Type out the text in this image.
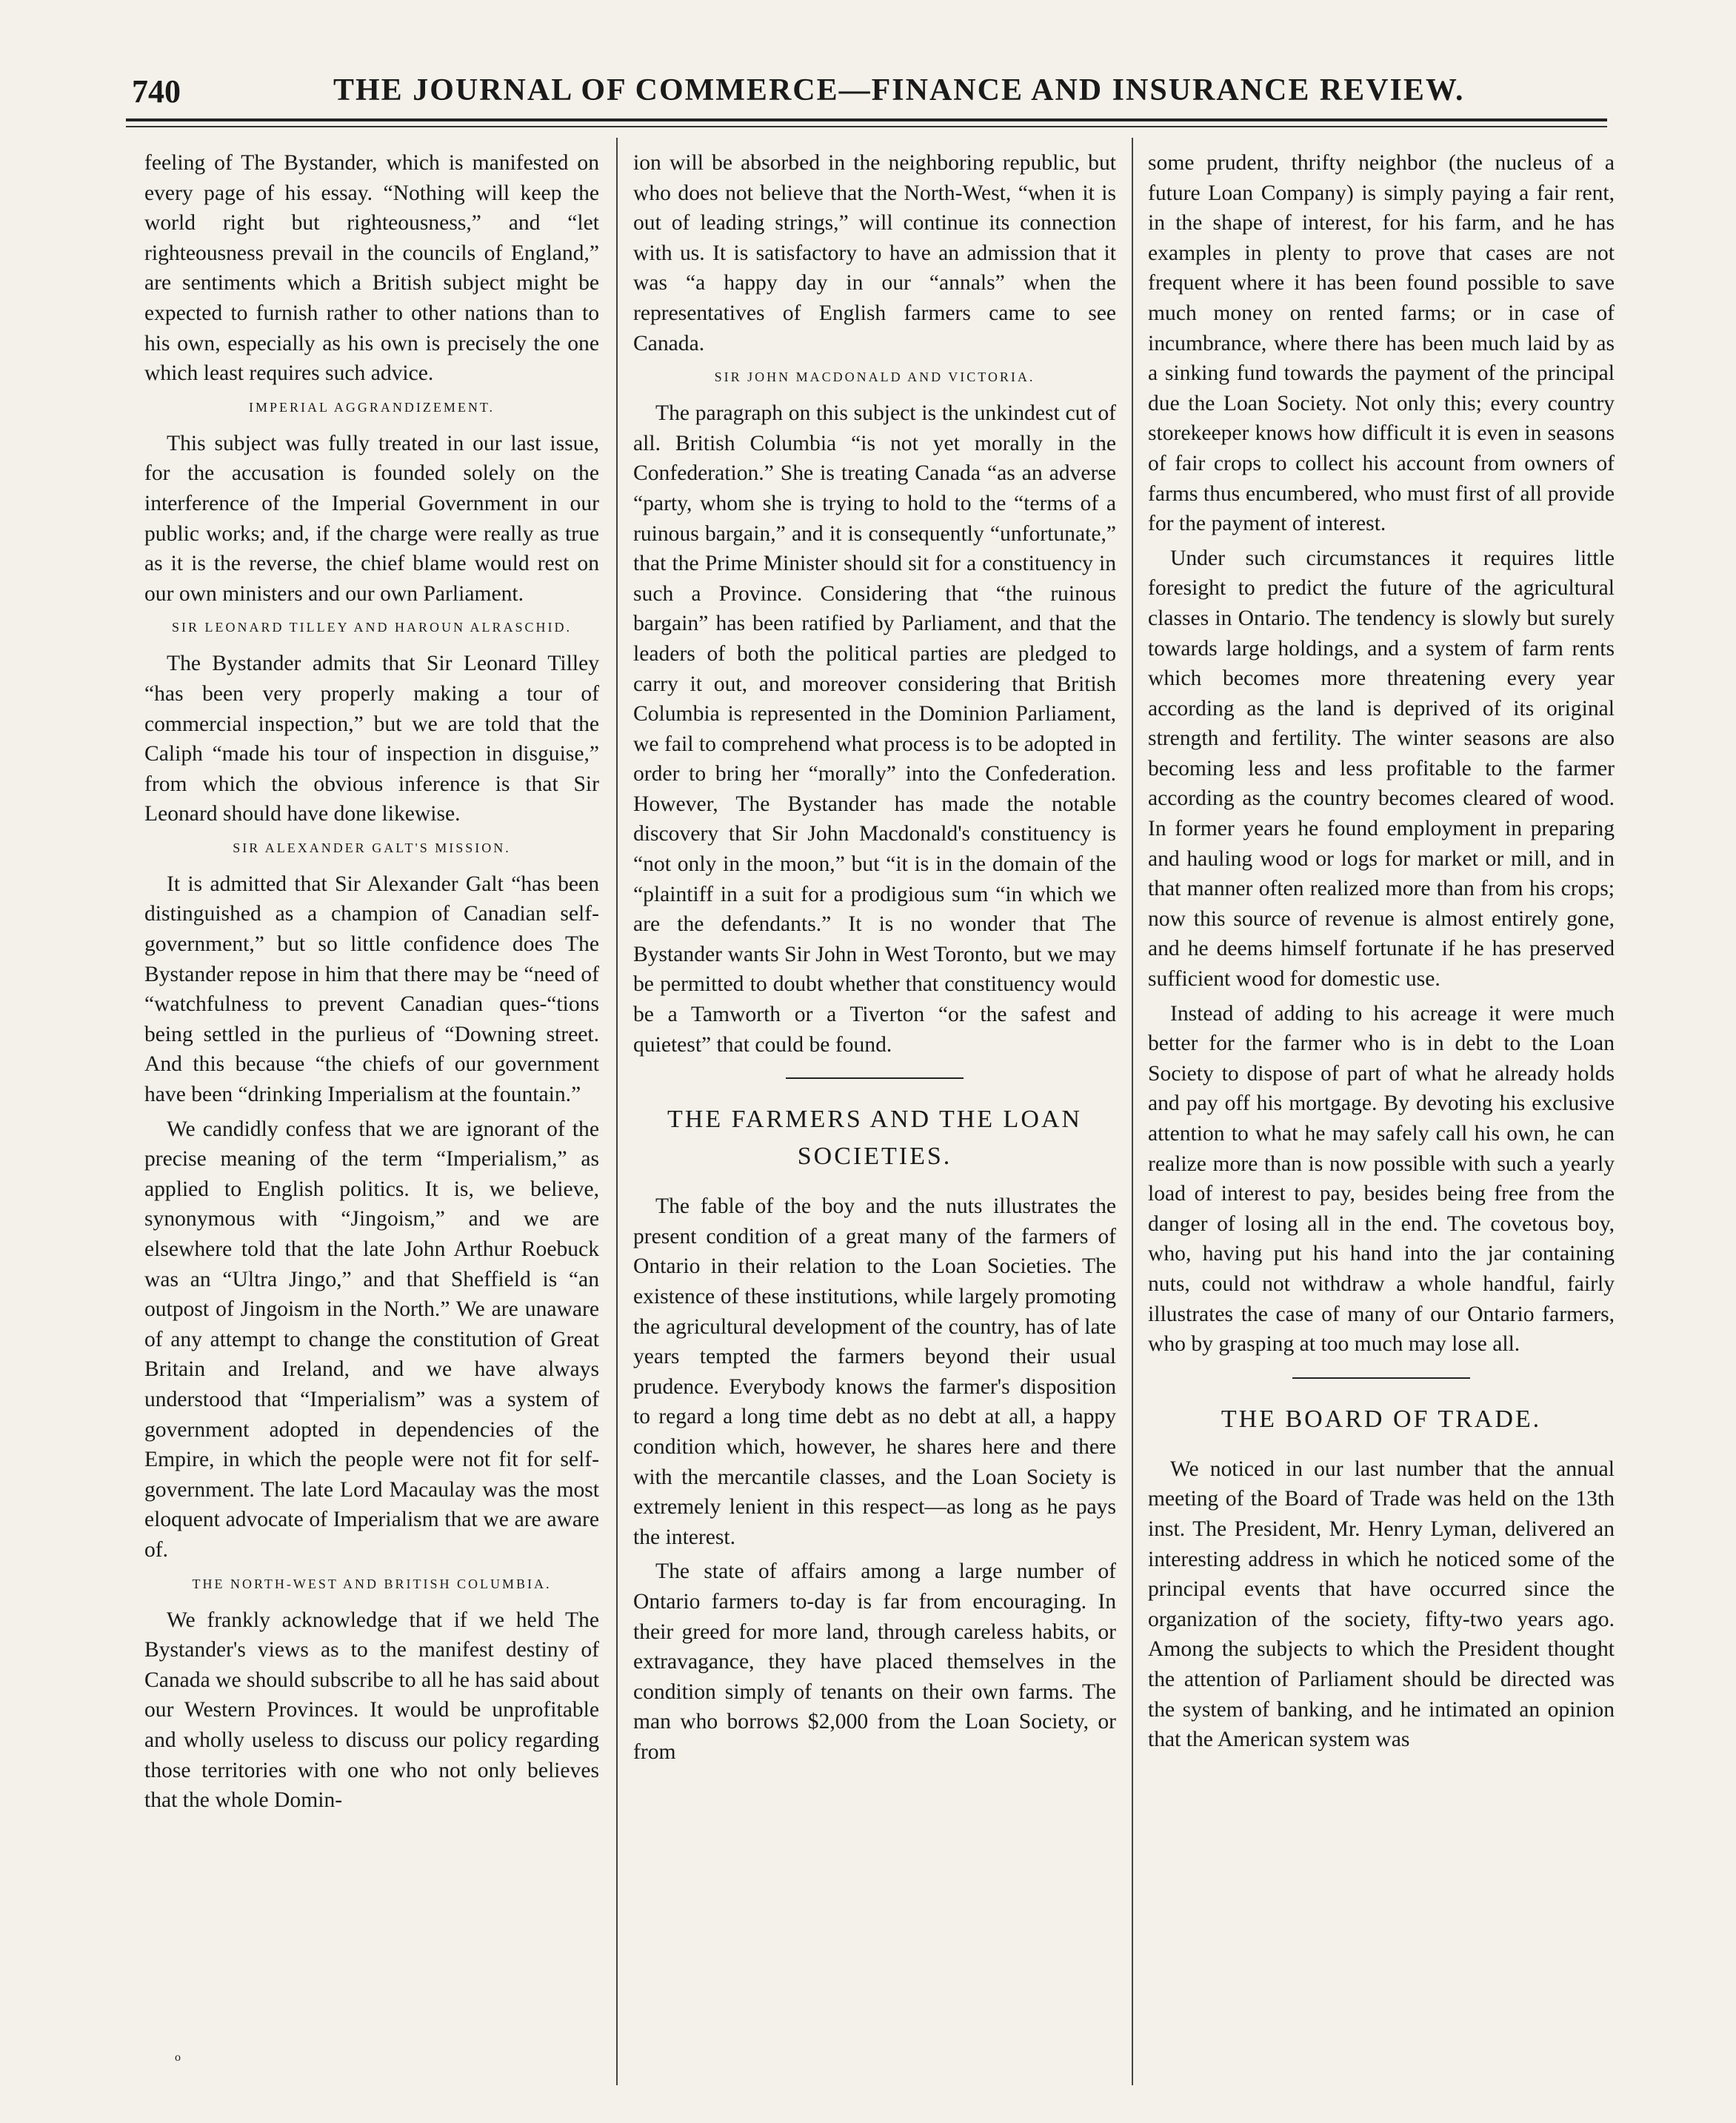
740	THE JOURNAL OF COMMERCE—FINANCE AND INSURANCE REVIEW.

feeling of The Bystander, which is manifested on every page of his essay. “Nothing will keep the world right but righteousness,” and “let righteousness prevail in the councils of England,” are sentiments which a British subject might be expected to furnish rather to other nations than to his own, especially as his own is precisely the one which least requires such advice.

IMPERIAL AGGRANDIZEMENT.

This subject was fully treated in our last issue, for the accusation is founded solely on the interference of the Imperial Government in our public works; and, if the charge were really as true as it is the reverse, the chief blame would rest on our own ministers and our own Parliament.

SIR LEONARD TILLEY AND HAROUN ALRASCHID.

The Bystander admits that Sir Leonard Tilley “has been very properly making a tour of commercial inspection,” but we are told that the Caliph “made his tour of inspection in disguise,” from which the obvious inference is that Sir Leonard should have done likewise.

SIR ALEXANDER GALT'S MISSION.

It is admitted that Sir Alexander Galt “has been distinguished as a champion of Canadian self-government,” but so little confidence does The Bystander repose in him that there may be “need of “watchfulness to prevent Canadian ques-“tions being settled in the purlieus of “Downing street. And this because “the chiefs of our government have been “drinking Imperialism at the fountain.”

We candidly confess that we are ignorant of the precise meaning of the term “Imperialism,” as applied to English politics. It is, we believe, synonymous with “Jingoism,” and we are elsewhere told that the late John Arthur Roebuck was an “Ultra Jingo,” and that Sheffield is “an outpost of Jingoism in the North.” We are unaware of any attempt to change the constitution of Great Britain and Ireland, and we have always understood that “Imperialism” was a system of government adopted in dependencies of the Empire, in which the people were not fit for self-government. The late Lord Macaulay was the most eloquent advocate of Imperialism that we are aware of.

THE NORTH-WEST AND BRITISH COLUMBIA.

We frankly acknowledge that if we held The Bystander's views as to the manifest destiny of Canada we should subscribe to all he has said about our Western Provinces. It would be unprofitable and wholly useless to discuss our policy regarding those territories with one who not only believes that the whole Domin-

ion will be absorbed in the neighboring republic, but who does not believe that the North-West, “when it is out of leading strings,” will continue its connection with us. It is satisfactory to have an admission that it was “a happy day in our “annals” when the representatives of English farmers came to see Canada.

SIR JOHN MACDONALD AND VICTORIA.

The paragraph on this subject is the unkindest cut of all. British Columbia “is not yet morally in the Confederation.” She is treating Canada “as an adverse “party, whom she is trying to hold to the “terms of a ruinous bargain,” and it is consequently “unfortunate,” that the Prime Minister should sit for a constituency in such a Province. Considering that “the ruinous bargain” has been ratified by Parliament, and that the leaders of both the political parties are pledged to carry it out, and moreover considering that British Columbia is represented in the Dominion Parliament, we fail to comprehend what process is to be adopted in order to bring her “morally” into the Confederation. However, The Bystander has made the notable discovery that Sir John Macdonald's constituency is “not only in the moon,” but “it is in the domain of the “plaintiff in a suit for a prodigious sum “in which we are the defendants.” It is no wonder that The Bystander wants Sir John in West Toronto, but we may be permitted to doubt whether that constituency would be a Tamworth or a Tiverton “or the safest and quietest” that could be found.

THE FARMERS AND THE LOAN SOCIETIES.

The fable of the boy and the nuts illustrates the present condition of a great many of the farmers of Ontario in their relation to the Loan Societies. The existence of these institutions, while largely promoting the agricultural development of the country, has of late years tempted the farmers beyond their usual prudence. Everybody knows the farmer's disposition to regard a long time debt as no debt at all, a happy condition which, however, he shares here and there with the mercantile classes, and the Loan Society is extremely lenient in this respect—as long as he pays the interest.

The state of affairs among a large number of Ontario farmers to-day is far from encouraging. In their greed for more land, through careless habits, or extravagance, they have placed themselves in the condition simply of tenants on their own farms. The man who borrows $2,000 from the Loan Society, or from

some prudent, thrifty neighbor (the nucleus of a future Loan Company) is simply paying a fair rent, in the shape of interest, for his farm, and he has examples in plenty to prove that cases are not frequent where it has been found possible to save much money on rented farms; or in case of incumbrance, where there has been much laid by as a sinking fund towards the payment of the principal due the Loan Society. Not only this; every country storekeeper knows how difficult it is even in seasons of fair crops to collect his account from owners of farms thus encumbered, who must first of all provide for the payment of interest.

Under such circumstances it requires little foresight to predict the future of the agricultural classes in Ontario. The tendency is slowly but surely towards large holdings, and a system of farm rents which becomes more threatening every year according as the land is deprived of its original strength and fertility. The winter seasons are also becoming less and less profitable to the farmer according as the country becomes cleared of wood. In former years he found employment in preparing and hauling wood or logs for market or mill, and in that manner often realized more than from his crops; now this source of revenue is almost entirely gone, and he deems himself fortunate if he has preserved sufficient wood for domestic use.

Instead of adding to his acreage it were much better for the farmer who is in debt to the Loan Society to dispose of part of what he already holds and pay off his mortgage. By devoting his exclusive attention to what he may safely call his own, he can realize more than is now possible with such a yearly load of interest to pay, besides being free from the danger of losing all in the end. The covetous boy, who, having put his hand into the jar containing nuts, could not withdraw a whole handful, fairly illustrates the case of many of our Ontario farmers, who by grasping at too much may lose all.

THE BOARD OF TRADE.

We noticed in our last number that the annual meeting of the Board of Trade was held on the 13th inst. The President, Mr. Henry Lyman, delivered an interesting address in which he noticed some of the principal events that have occurred since the organization of the society, fifty-two years ago. Among the subjects to which the President thought the attention of Parliament should be directed was the system of banking, and he intimated an opinion that the American system was

o
